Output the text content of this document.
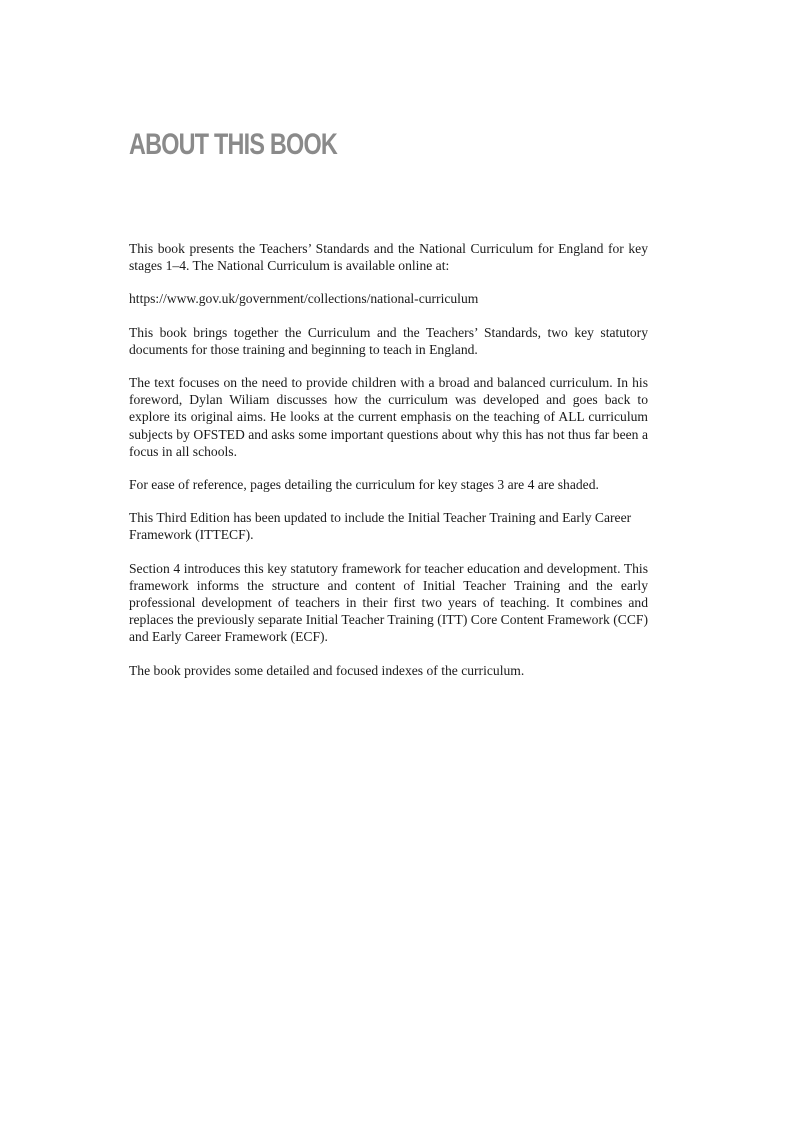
ABOUT THIS BOOK

This book presents the Teachers’ Standards and the National Curriculum for England for key stages 1–4. The National Curriculum is available online at:

https://www.gov.uk/government/collections/national-curriculum

This book brings together the Curriculum and the Teachers’ Standards, two key statutory documents for those training and beginning to teach in England.

The text focuses on the need to provide children with a broad and balanced curriculum. In his foreword, Dylan Wiliam discusses how the curriculum was developed and goes back to explore its original aims. He looks at the current emphasis on the teaching of ALL curriculum subjects by OFSTED and asks some important questions about why this has not thus far been a focus in all schools.

For ease of reference, pages detailing the curriculum for key stages 3 are 4 are shaded.

This Third Edition has been updated to include the Initial Teacher Training and Early Career Framework (ITTECF).

Section 4 introduces this key statutory framework for teacher education and development. This framework informs the structure and content of Initial Teacher Training and the early professional development of teachers in their first two years of teaching. It combines and replaces the previously separate Initial Teacher Training (ITT) Core Content Framework (CCF) and Early Career Framework (ECF).

The book provides some detailed and focused indexes of the curriculum.
